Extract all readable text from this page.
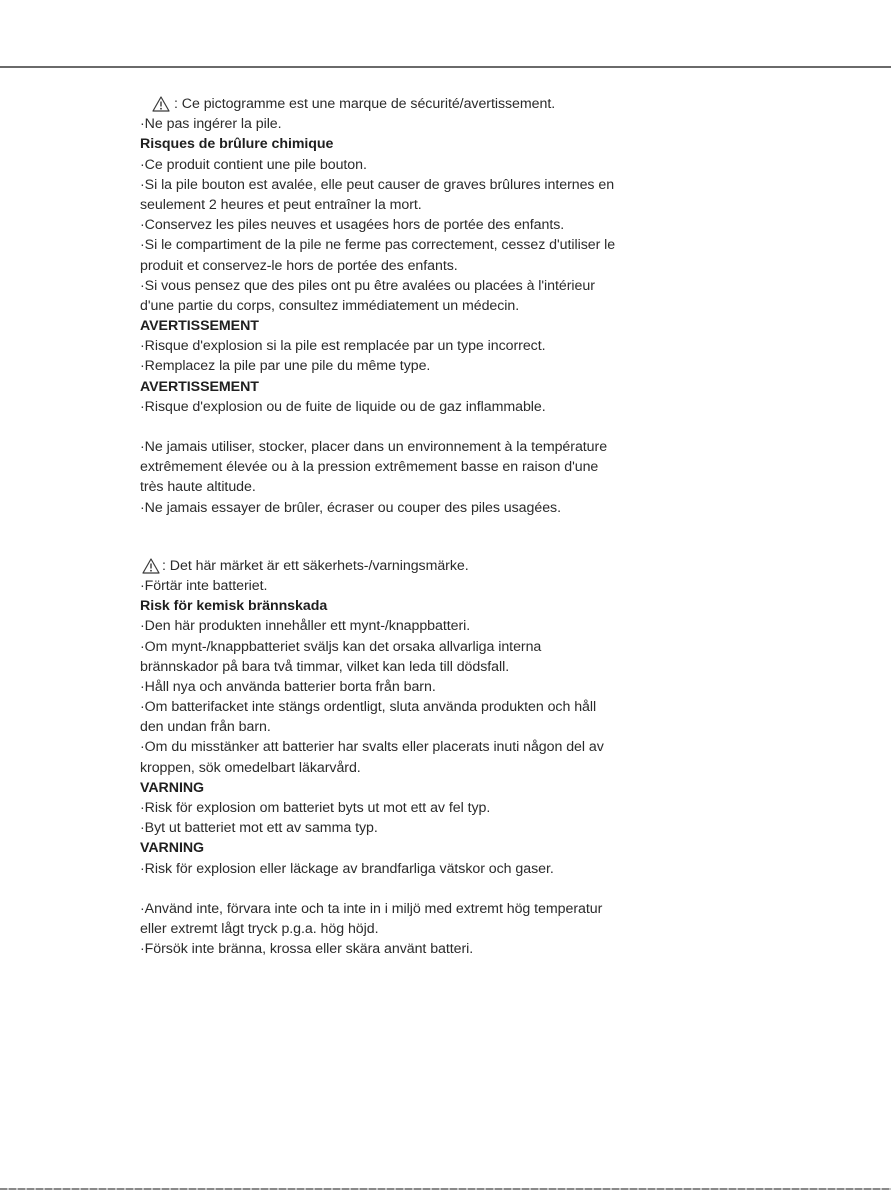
: Ce pictogramme est une marque de sécurité/avertissement.
·Ne pas ingérer la pile.
Risques de brûlure chimique
·Ce produit contient une pile bouton.
·Si la pile bouton est avalée, elle peut causer de graves brûlures internes en
seulement 2 heures et peut entraîner la mort.
·Conservez les piles neuves et usagées hors de portée des enfants.
·Si le compartiment de la pile ne ferme pas correctement, cessez d'utiliser le
produit et conservez-le hors de portée des enfants.
·Si vous pensez que des piles ont pu être avalées ou placées à l'intérieur
d'une partie du corps, consultez immédiatement un médecin.
AVERTISSEMENT
·Risque d'explosion si la pile est remplacée par un type incorrect.
·Remplacez la pile par une pile du même type.
AVERTISSEMENT
·Risque d'explosion ou de fuite de liquide ou de gaz inflammable.
·Ne jamais utiliser, stocker, placer dans un environnement à la température
extrêmement élevée ou à la pression extrêmement basse en raison d'une
très haute altitude.
·Ne jamais essayer de brûler, écraser ou couper des piles usagées.
: Det här märket är ett säkerhets-/varningsmärke.
·Förtär inte batteriet.
Risk för kemisk brännskada
·Den här produkten innehåller ett mynt-/knappbatteri.
·Om mynt-/knappbatteriet sväljs kan det orsaka allvarliga interna
brännskador på bara två timmar, vilket kan leda till dödsfall.
·Håll nya och använda batterier borta från barn.
·Om batterifacket inte stängs ordentligt, sluta använda produkten och håll
den undan från barn.
·Om du misstänker att batterier har svalts eller placerats inuti någon del av
kroppen, sök omedelbart läkarvård.
VARNING
·Risk för explosion om batteriet byts ut mot ett av fel typ.
·Byt ut batteriet mot ett av samma typ.
VARNING
·Risk för explosion eller läckage av brandfarliga vätskor och gaser.
·Använd inte, förvara inte och ta inte in i miljö med extremt hög temperatur
eller extremt lågt tryck p.g.a. hög höjd.
·Försök inte bränna, krossa eller skära använt batteri.
